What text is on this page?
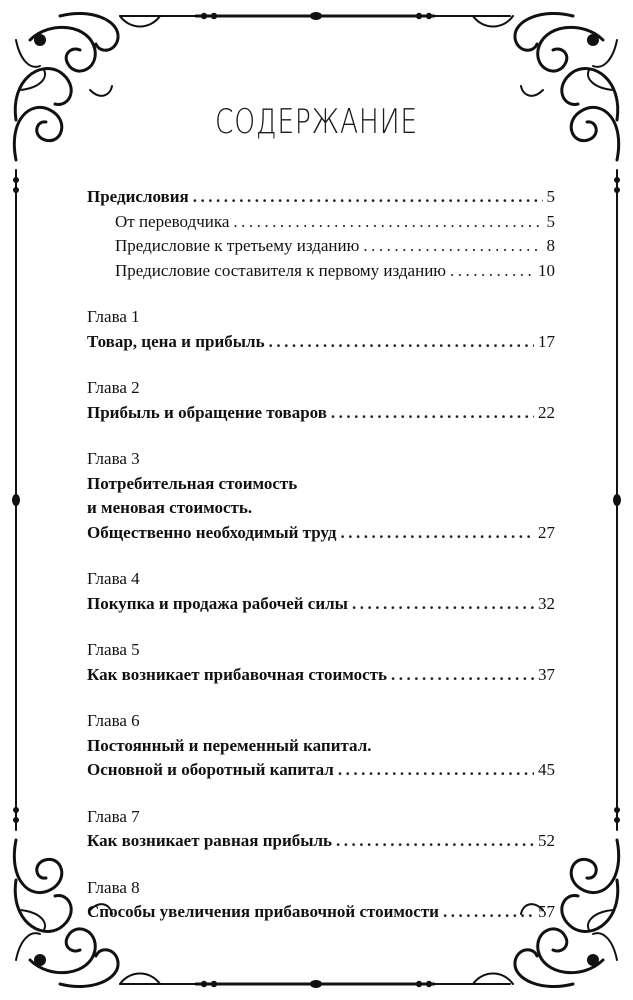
СОДЕРЖАНИЕ
Предисловия .....	5
От переводчика .....	5
Предисловие к третьему изданию .....	8
Предисловие составителя к первому изданию .....	10
Глава 1
Товар, цена и прибыль .....	17
Глава 2
Прибыль и обращение товаров .....	22
Глава 3
Потребительная стоимость
и меновая стоимость.
Общественно необходимый труд .....	27
Глава 4
Покупка и продажа рабочей силы .....	32
Глава 5
Как возникает прибавочная стоимость .....	37
Глава 6
Постоянный и переменный капитал.
Основной и оборотный капитал .....	45
Глава 7
Как возникает равная прибыль .....	52
Глава 8
Способы увеличения прибавочной стоимости .....	57
